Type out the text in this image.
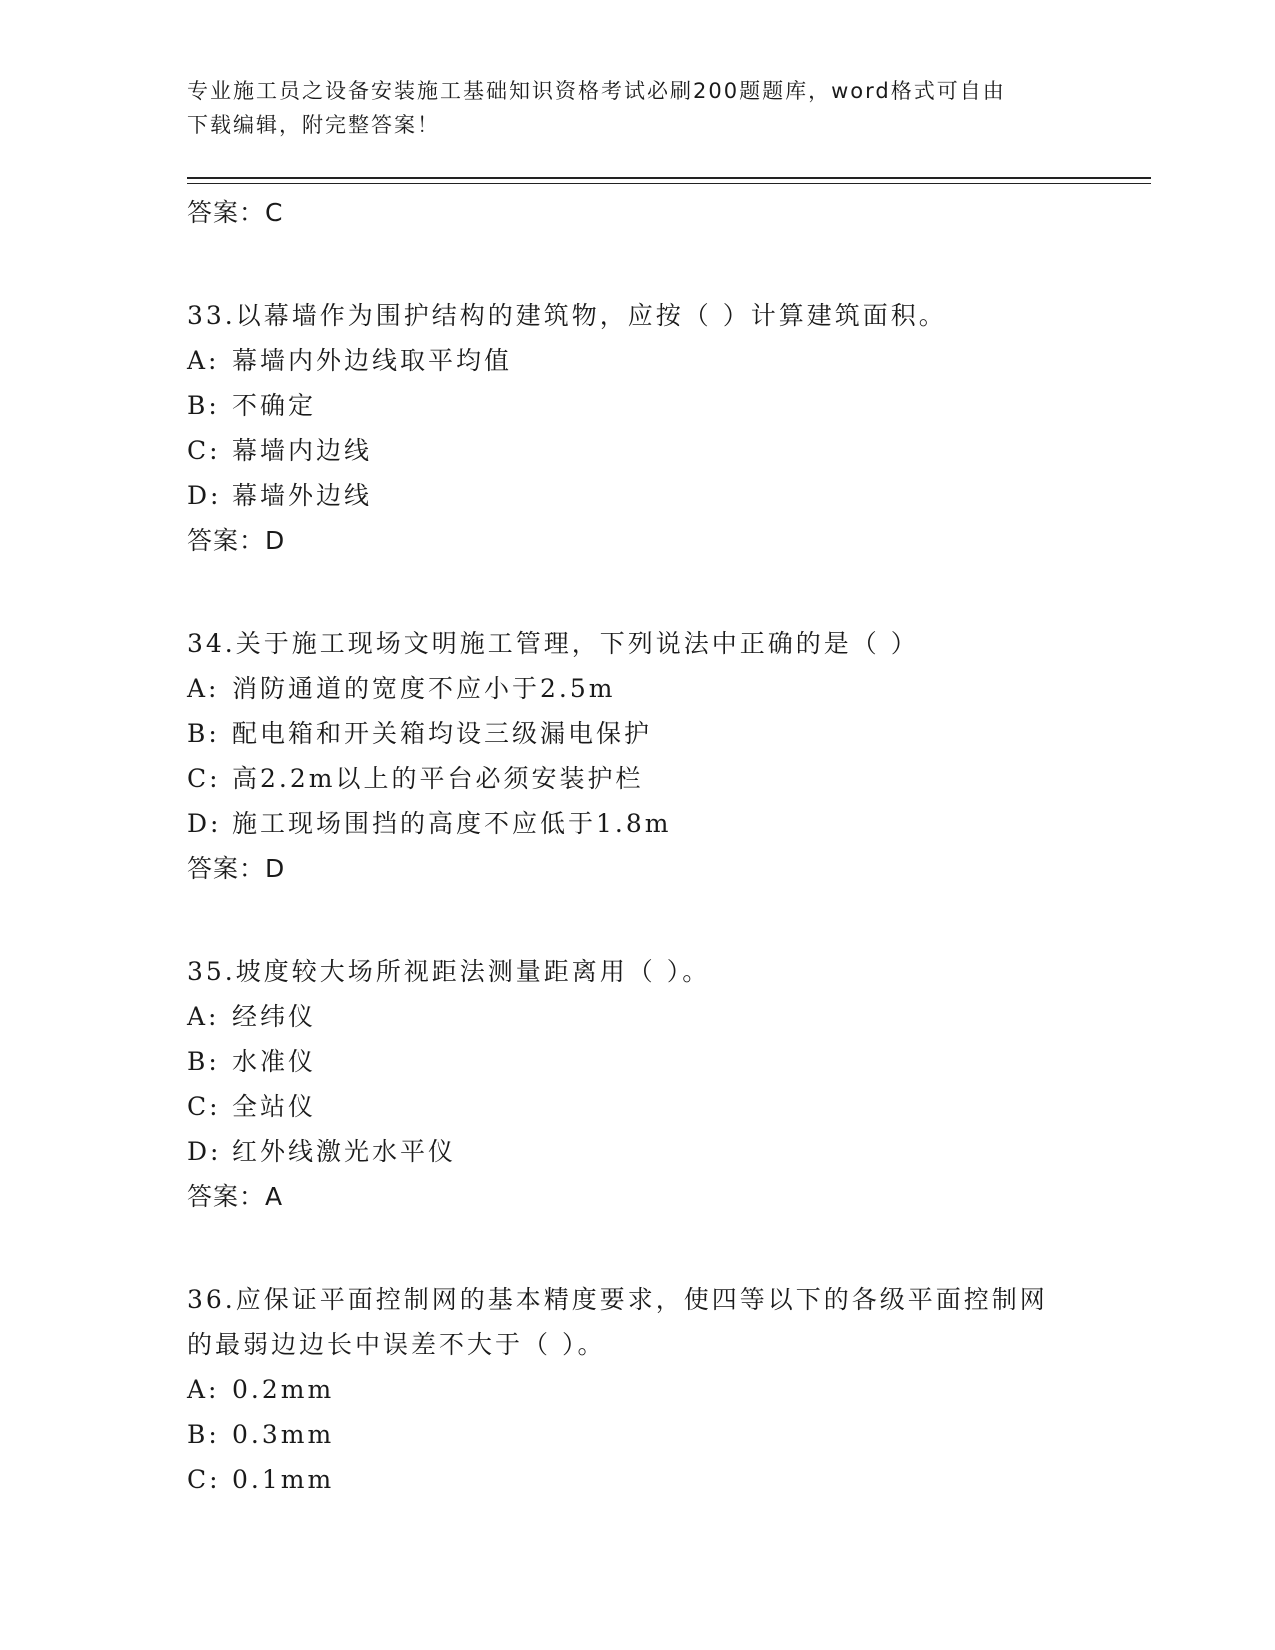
专业施工员之设备安装施工基础知识资格考试必刷200题题库，word格式可自由
下载编辑，附完整答案！

答案：C

33.以幕墙作为围护结构的建筑物，应按（ ）计算建筑面积。

A: 幕墙内外边线取平均值

B: 不确定

C: 幕墙内边线

D: 幕墙外边线

答案：D

34.关于施工现场文明施工管理，下列说法中正确的是（ ）

A: 消防通道的宽度不应小于2.5m

B: 配电箱和开关箱均设三级漏电保护

C: 高2.2m以上的平台必须安装护栏

D: 施工现场围挡的高度不应低于1.8m

答案：D

35.坡度较大场所视距法测量距离用（ ）。

A: 经纬仪

B: 水准仪

C: 全站仪

D: 红外线激光水平仪

答案：A

36.应保证平面控制网的基本精度要求，使四等以下的各级平面控制网

的最弱边边长中误差不大于（ ）。

A: 0.2mm

B: 0.3mm

C: 0.1mm
